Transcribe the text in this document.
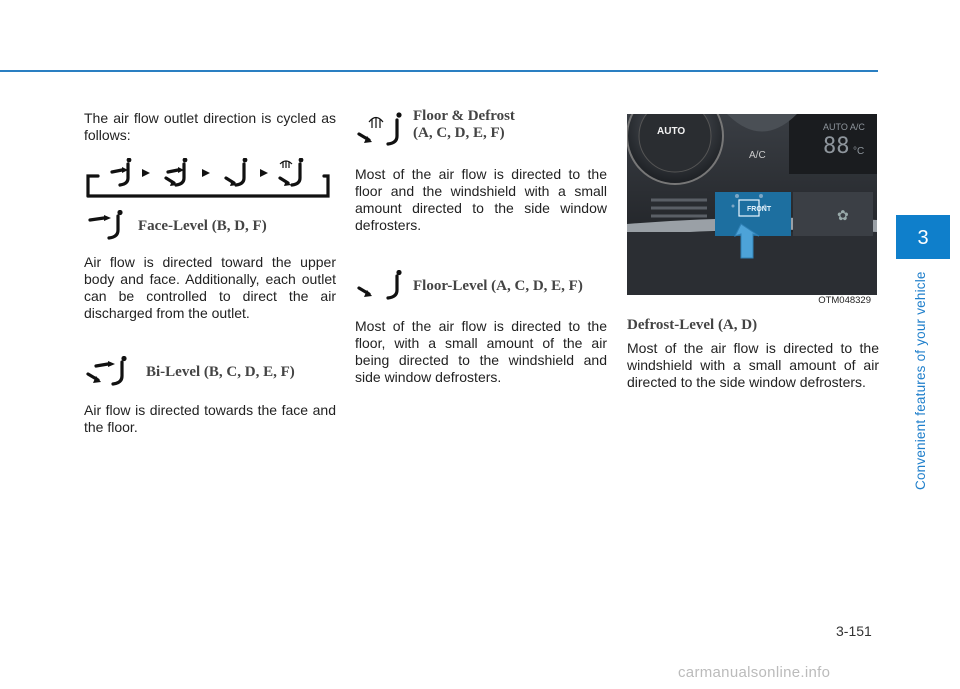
3
Convenient features of your vehicle

The air flow outlet direction is cycled as follows:

Face-Level (B, D, F)

Air flow is directed toward the upper body and face. Additionally, each outlet can be controlled to direct the air discharged from the outlet.

Bi-Level (B, C, D, E, F)

Air flow is directed towards the face and the floor.

Floor & Defrost
(A, C, D, E, F)

Most of the air flow is directed to the floor and the windshield with a small amount directed to the side window defrosters.

Floor-Level (A, C, D, E, F)

Most of the air flow is directed to the floor, with a small amount of the air being directed to the windshield and side window defrosters.

✿
AUTO
A/C
AUTO A/C
88 °C
FRONT
OTM048329
Defrost-Level (A, D)

Most of the air flow is directed to the windshield with a small amount of air directed to the side window defrosters.

3-151
carmanualsonline.info
